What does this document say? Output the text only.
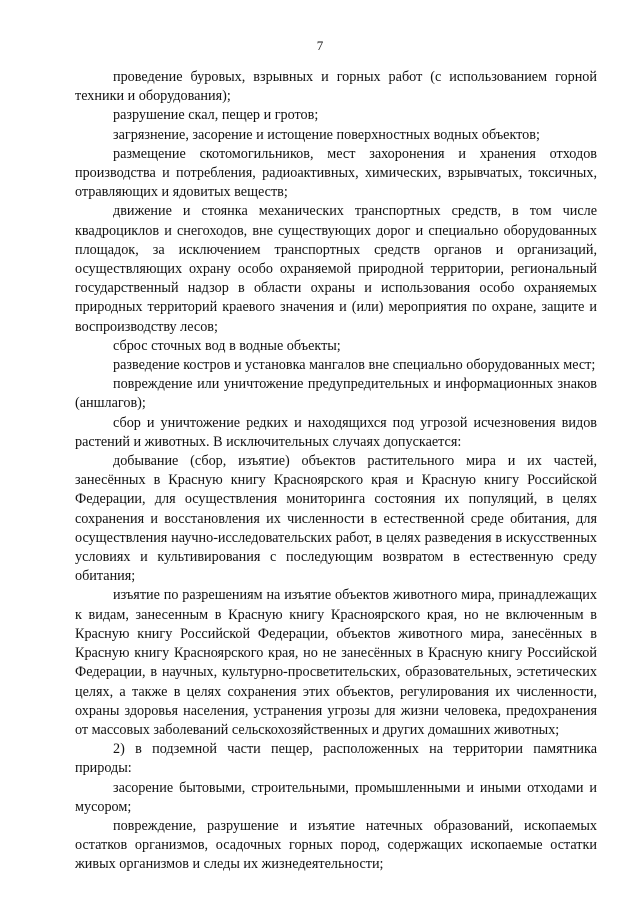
7

проведение буровых, взрывных и горных работ (с использованием горной техники и оборудования);

разрушение скал, пещер и гротов;

загрязнение, засорение и истощение поверхностных водных объектов;

размещение скотомогильников, мест захоронения и хранения отходов производства и потребления, радиоактивных, химических, взрывчатых, токсичных, отравляющих и ядовитых веществ;

движение и стоянка механических транспортных средств, в том числе квадроциклов и снегоходов, вне существующих дорог и специально оборудованных площадок, за исключением транспортных средств органов и организаций, осуществляющих охрану особо охраняемой природной территории, региональный государственный надзор в области охраны и использования особо охраняемых природных территорий краевого значения и (или) мероприятия по охране, защите и воспроизводству лесов;

сброс сточных вод в водные объекты;

разведение костров и установка мангалов вне специально оборудованных мест;

повреждение или уничтожение предупредительных и информационных знаков (аншлагов);

сбор и уничтожение редких и находящихся под угрозой исчезновения видов растений и животных. В исключительных случаях допускается:

добывание (сбор, изъятие) объектов растительного мира и их частей, занесённых в Красную книгу Красноярского края и Красную книгу Российской Федерации, для осуществления мониторинга состояния их популяций, в целях сохранения и восстановления их численности в естественной среде обитания, для осуществления научно-исследовательских работ, в целях разведения в искусственных условиях и культивирования с последующим возвратом в естественную среду обитания;

изъятие по разрешениям на изъятие объектов животного мира, принадлежащих к видам, занесенным в Красную книгу Красноярского края, но не включенным в Красную книгу Российской Федерации, объектов животного мира, занесённых в Красную книгу Красноярского края, но не занесённых в Красную книгу Российской Федерации, в научных, культурно-просветительских, образовательных, эстетических целях, а также в целях сохранения этих объектов, регулирования их численности, охраны здоровья населения, устранения угрозы для жизни человека, предохранения от массовых заболеваний сельскохозяйственных и других домашних животных;

2) в подземной части пещер, расположенных на территории памятника природы:

засорение бытовыми, строительными, промышленными и иными отходами и мусором;

повреждение, разрушение и изъятие натечных образований, ископаемых остатков организмов, осадочных горных пород, содержащих ископаемые остатки живых организмов и следы их жизнедеятельности;
